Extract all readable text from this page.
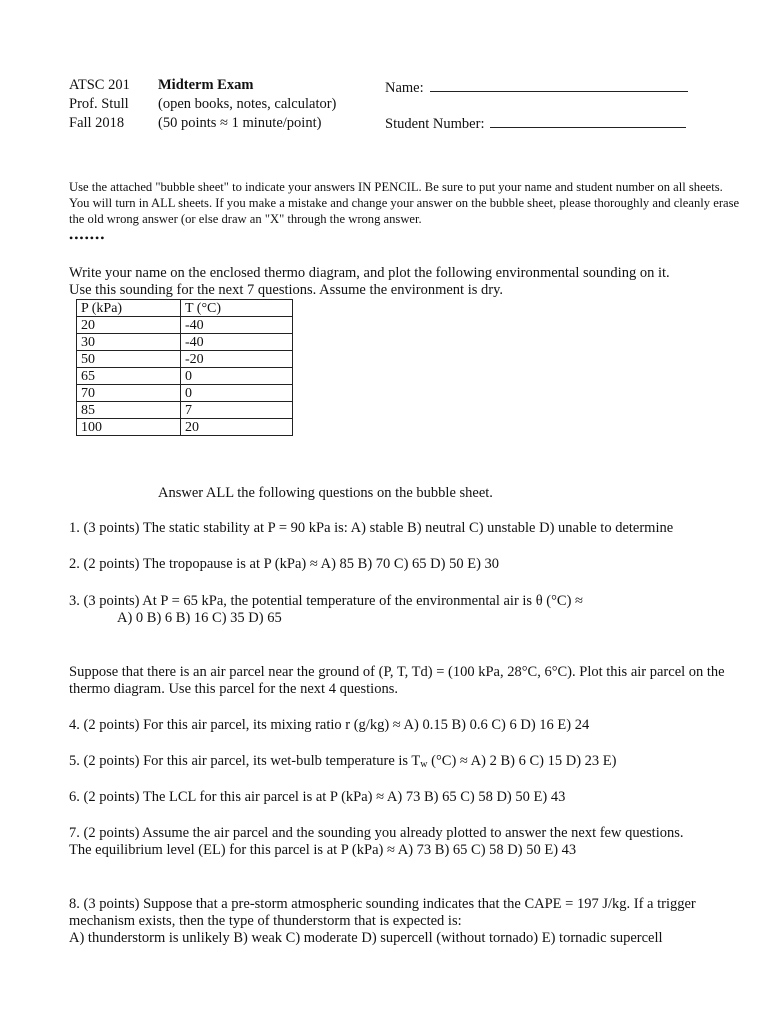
ATSC 201
Prof. Stull
Fall 2018
Midterm Exam
(open books, notes, calculator)
(50 points ≈ 1 minute/point)
Name:
Student Number:
Use the attached "bubble sheet" to indicate your answers IN PENCIL. Be sure to put your name and student number on all sheets. You will turn in ALL sheets. If you make a mistake and change your answer on the bubble sheet, please thoroughly and cleanly erase the old wrong answer (or else draw an "X" through the wrong answer.
•••••••
Write your name on the enclosed thermo diagram, and plot the following environmental sounding on it.
Use this sounding for the next 7 questions. Assume the environment is dry.
P (kPa)	T (°C)
20	-40
30	-40
50	-20
65	0
70	0
85	7
100	20
Answer ALL the following questions on the bubble sheet.
1. (3 points) The static stability at P = 90 kPa is: A) stable B) neutral C) unstable D) unable to determine
2. (2 points) The tropopause is at P (kPa) ≈ A) 85 B) 70 C) 65 D) 50 E) 30
3. (3 points) At P = 65 kPa, the potential temperature of the environmental air is θ (°C) ≈
A) 0 B) 6 B) 16 C) 35 D) 65
Suppose that there is an air parcel near the ground of (P, T, Td) = (100 kPa, 28°C, 6°C). Plot this air parcel on the thermo diagram. Use this parcel for the next 4 questions.
4. (2 points) For this air parcel, its mixing ratio r (g/kg) ≈ A) 0.15 B) 0.6 C) 6 D) 16 E) 24
5. (2 points) For this air parcel, its wet-bulb temperature is $T_w$ (°C) ≈ A) 2 B) 6 C) 15 D) 23 E)
6. (2 points) The LCL for this air parcel is at P (kPa) ≈ A) 73 B) 65 C) 58 D) 50 E) 43
7. (2 points) Assume the air parcel and the sounding you already plotted to answer the next few questions.
The equilibrium level (EL) for this parcel is at P (kPa) ≈ A) 73 B) 65 C) 58 D) 50 E) 43
8. (3 points) Suppose that a pre-storm atmospheric sounding indicates that the CAPE = 197 J/kg. If a trigger
mechanism exists, then the type of thunderstorm that is expected is:
A) thunderstorm is unlikely B) weak C) moderate D) supercell (without tornado) E) tornadic supercell
